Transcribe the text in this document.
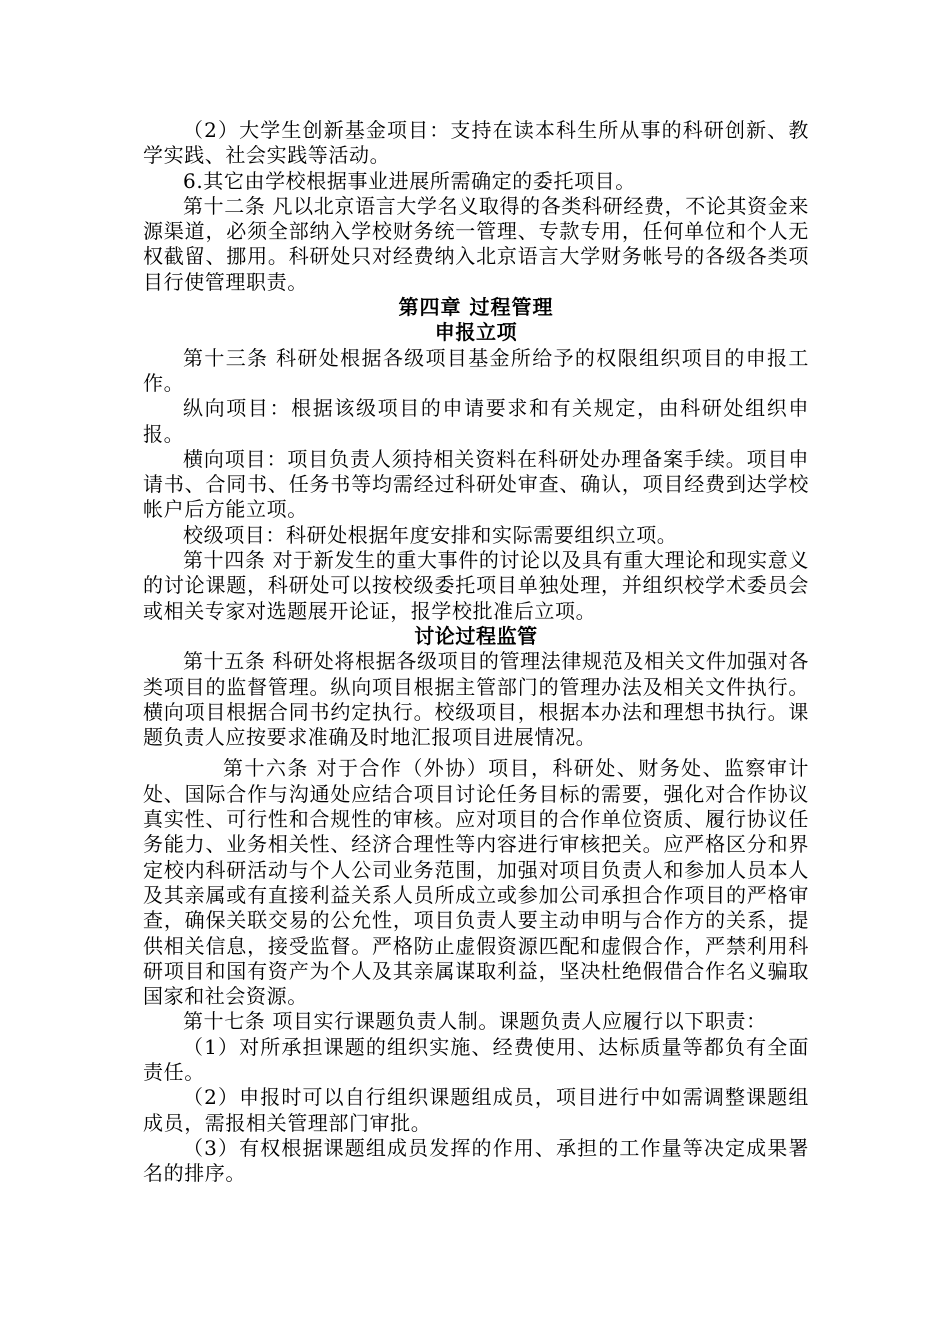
（2）大学生创新基金项目：支持在读本科生所从事的科研创新、教学实践、社会实践等活动。

6.其它由学校根据事业进展所需确定的委托项目。

第十二条 凡以北京语言大学名义取得的各类科研经费，不论其资金来源渠道，必须全部纳入学校财务统一管理、专款专用，任何单位和个人无权截留、挪用。科研处只对经费纳入北京语言大学财务帐号的各级各类项目行使管理职责。

第四章 过程管理

申报立项

第十三条 科研处根据各级项目基金所给予的权限组织项目的申报工作。

纵向项目：根据该级项目的申请要求和有关规定，由科研处组织申报。

横向项目：项目负责人须持相关资料在科研处办理备案手续。项目申请书、合同书、任务书等均需经过科研处审查、确认，项目经费到达学校帐户后方能立项。

校级项目：科研处根据年度安排和实际需要组织立项。

第十四条 对于新发生的重大事件的讨论以及具有重大理论和现实意义的讨论课题，科研处可以按校级委托项目单独处理，并组织校学术委员会或相关专家对选题展开论证，报学校批准后立项。

讨论过程监管

第十五条 科研处将根据各级项目的管理法律规范及相关文件加强对各类项目的监督管理。纵向项目根据主管部门的管理办法及相关文件执行。横向项目根据合同书约定执行。校级项目，根据本办法和理想书执行。课题负责人应按要求准确及时地汇报项目进展情况。

第十六条 对于合作（外协）项目，科研处、财务处、监察审计处、国际合作与沟通处应结合项目讨论任务目标的需要，强化对合作协议真实性、可行性和合规性的审核。应对项目的合作单位资质、履行协议任务能力、业务相关性、经济合理性等内容进行审核把关。应严格区分和界定校内科研活动与个人公司业务范围，加强对项目负责人和参加人员本人及其亲属或有直接利益关系人员所成立或参加公司承担合作项目的严格审查，确保关联交易的公允性，项目负责人要主动申明与合作方的关系，提供相关信息，接受监督。严格防止虚假资源匹配和虚假合作，严禁利用科研项目和国有资产为个人及其亲属谋取利益，坚决杜绝假借合作名义骗取国家和社会资源。

第十七条 项目实行课题负责人制。课题负责人应履行以下职责：

（1）对所承担课题的组织实施、经费使用、达标质量等都负有全面责任。

（2）申报时可以自行组织课题组成员，项目进行中如需调整课题组成员，需报相关管理部门审批。

（3）有权根据课题组成员发挥的作用、承担的工作量等决定成果署名的排序。
